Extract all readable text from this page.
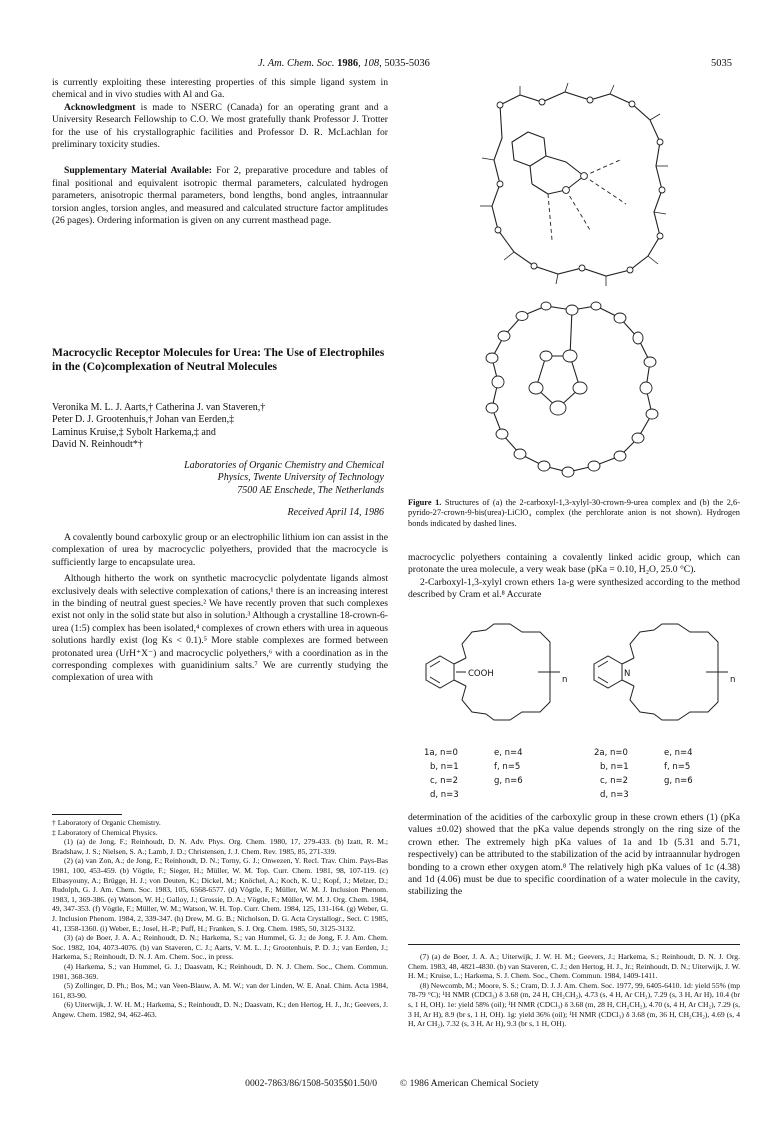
J. Am. Chem. Soc. 1986, 108, 5035-5036	5035

is currently exploiting these interesting properties of this simple ligand system in chemical and in vivo studies with Al and Ga.

Acknowledgment is made to NSERC (Canada) for an operating grant and a University Research Fellowship to C.O. We most gratefully thank Professor J. Trotter for the use of his crystallographic facilities and Professor D. R. McLachlan for preliminary toxicity studies.

Supplementary Material Available: For 2, preparative procedure and tables of final positional and equivalent isotropic thermal parameters, calculated hydrogen parameters, anisotropic thermal parameters, bond lengths, bond angles, intraannular torsion angles, torsion angles, and measured and calculated structure factor amplitudes (26 pages). Ordering information is given on any current masthead page.

Macrocyclic Receptor Molecules for Urea: The Use of Electrophiles in the (Co)complexation of Neutral Molecules
Veronika M. L. J. Aarts,† Catherina J. van Staveren,†
Peter D. J. Grootenhuis,† Johan van Eerden,‡
Laminus Kruise,‡ Sybolt Harkema,‡ and
David N. Reinhoudt*†
Laboratories of Organic Chemistry and Chemical
Physics, Twente University of Technology
7500 AE Enschede, The Netherlands
Received April 14, 1986

A covalently bound carboxylic group or an electrophilic lithium ion can assist in the complexation of urea by macrocyclic polyethers, provided that the macrocycle is sufficiently large to encapsulate urea.

Although hitherto the work on synthetic macrocyclic polydentate ligands almost exclusively deals with selective complexation of cations,¹ there is an increasing interest in the binding of neutral guest species.² We have recently proven that such complexes exist not only in the solid state but also in solution.³ Although a crystalline 18-crown-6-urea (1:5) complex has been isolated,⁴ complexes of crown ethers with urea in aqueous solutions hardly exist (log Ks < 0.1).⁵ More stable complexes are formed between protonated urea (UrH⁺X⁻) and macrocyclic polyethers,⁶ with a coordination as in the corresponding complexes with guanidinium salts.⁷ We are currently studying the complexation of urea with

† Laboratory of Organic Chemistry.

‡ Laboratory of Chemical Physics.

(1) (a) de Jong, F.; Reinhoudt, D. N. Adv. Phys. Org. Chem. 1980, 17, 279-433. (b) Izatt, R. M.; Bradshaw, J. S.; Nielsen, S. A.; Lamb, J. D.; Christensen, J. J. Chem. Rev. 1985, 85, 271-339.

(2) (a) van Zon, A.; de Jong, F.; Reinhoudt, D. N.; Torny, G. J.; Onwezen, Y. Recl. Trav. Chim. Pays-Bas 1981, 100, 453-459. (b) Vögtle, F.; Sieger, H.; Müller, W. M. Top. Curr. Chem. 1981, 98, 107-119. (c) Elbasyouny, A.; Brügge, H. J.; von Deuten, K.; Dickel, M.; Knöchel, A.; Koch, K. U.; Kopf, J.; Melzer, D.; Rudolph, G. J. Am. Chem. Soc. 1983, 105, 6568-6577. (d) Vögtle, F.; Müller, W. M. J. Inclusion Phenom. 1983, 1, 369-386. (e) Watson, W. H.; Galloy, J.; Grossie, D. A.; Vögtle, F.; Müller, W. M. J. Org. Chem. 1984, 49, 347-353. (f) Vögtle, F.; Müller, W. M.; Watson, W. H. Top. Curr. Chem. 1984, 125, 131-164. (g) Weber, G. J. Inclusion Phenom. 1984, 2, 339-347. (h) Drew, M. G. B.; Nicholson, D. G. Acta Crystallogr., Sect. C 1985, 41, 1358-1360. (i) Weber, E.; Josel, H.-P.; Puff, H.; Franken, S. J. Org. Chem. 1985, 50, 3125-3132.

(3) (a) de Boer, J. A. A.; Reinhoudt, D. N.; Harkema, S.; van Hummel, G. J.; de Jong, F. J. Am. Chem. Soc. 1982, 104, 4073-4076. (b) van Staveren, C. J.; Aarts, V. M. L. J.; Grootenhuis, P. D. J.; van Eerden, J.; Harkema, S.; Reinhoudt, D. N. J. Am. Chem. Soc., in press.

(4) Harkema, S.; van Hummel, G. J.; Daasvatn, K.; Reinhoudt, D. N. J. Chem. Soc., Chem. Commun. 1981, 368-369.

(5) Zollinger, D. Ph.; Bos, M.; van Veen-Blauw, A. M. W.; van der Linden, W. E. Anal. Chim. Acta 1984, 161, 83-90.

(6) Uiterwijk, J. W. H. M.; Harkema, S.; Reinhoudt, D. N.; Daasvatn, K.; den Hertog, H. J., Jr.; Geevers, J. Angew. Chem. 1982, 94, 462-463.

Figure 1. Structures of (a) the 2-carboxyl-1,3-xylyl-30-crown-9-urea complex and (b) the 2,6-pyrido-27-crown-9-bis(urea)-LiClO₄ complex (the perchlorate anion is not shown). Hydrogen bonds indicated by dashed lines.

macrocyclic polyethers containing a covalently linked acidic group, which can protonate the urea molecule, a very weak base (pKa = 0.10, H₂O, 25.0 °C).

2-Carboxyl-1,3-xylyl crown ethers 1a-g were synthesized according to the method described by Cram et al.⁸ Accurate

COOH
n
N
n
1a, n=0	e, n=4
b, n=1	f, n=5
c, n=2	g, n=6
d, n=3
2a, n=0	e, n=4
b, n=1	f, n=5
c, n=2	g, n=6
d, n=3

determination of the acidities of the carboxylic group in these crown ethers (1) (pKa values ±0.02) showed that the pKa value depends strongly on the ring size of the crown ether. The extremely high pKa values of 1a and 1b (5.31 and 5.71, respectively) can be attributed to the stabilization of the acid by intraannular hydrogen bonding to a crown ether oxygen atom.⁸ The relatively high pKa values of 1c (4.38) and 1d (4.06) must be due to specific coordination of a water molecule in the cavity, stabilizing the

(7) (a) de Boer, J. A. A.; Uiterwijk, J. W. H. M.; Geevers, J.; Harkema, S.; Reinhoudt, D. N. J. Org. Chem. 1983, 48, 4821-4830. (b) van Staveren, C. J.; den Hertog, H. J., Jr.; Reinhoudt, D. N.; Uiterwijk, J. W. H. M.; Kruise, L.; Harkema, S. J. Chem. Soc., Chem. Commun. 1984, 1409-1411.

(8) Newcomb, M.; Moore, S. S.; Cram, D. J. J. Am. Chem. Soc. 1977, 99, 6405-6410. 1d: yield 55% (mp 78-79 °C); ¹H NMR (CDCl₃) δ 3.68 (m, 24 H, CH₂CH₂), 4.73 (s, 4 H, Ar CH₂), 7.29 (s, 3 H, Ar H), 10.4 (br s, 1 H, OH). 1e: yield 58% (oil); ¹H NMR (CDCl₃) δ 3.68 (m, 28 H, CH₂CH₂), 4.70 (s, 4 H, Ar CH₂), 7.29 (s, 3 H, Ar H), 8.9 (br s, 1 H, OH). 1g: yield 36% (oil); ¹H NMR (CDCl₃) δ 3.68 (m, 36 H, CH₂CH₂), 4.69 (s, 4 H, Ar CH₂), 7.32 (s, 3 H, Ar H), 9.3 (br s, 1 H, OH).

0002-7863/86/1508-5035$01.50/0 © 1986 American Chemical Society
